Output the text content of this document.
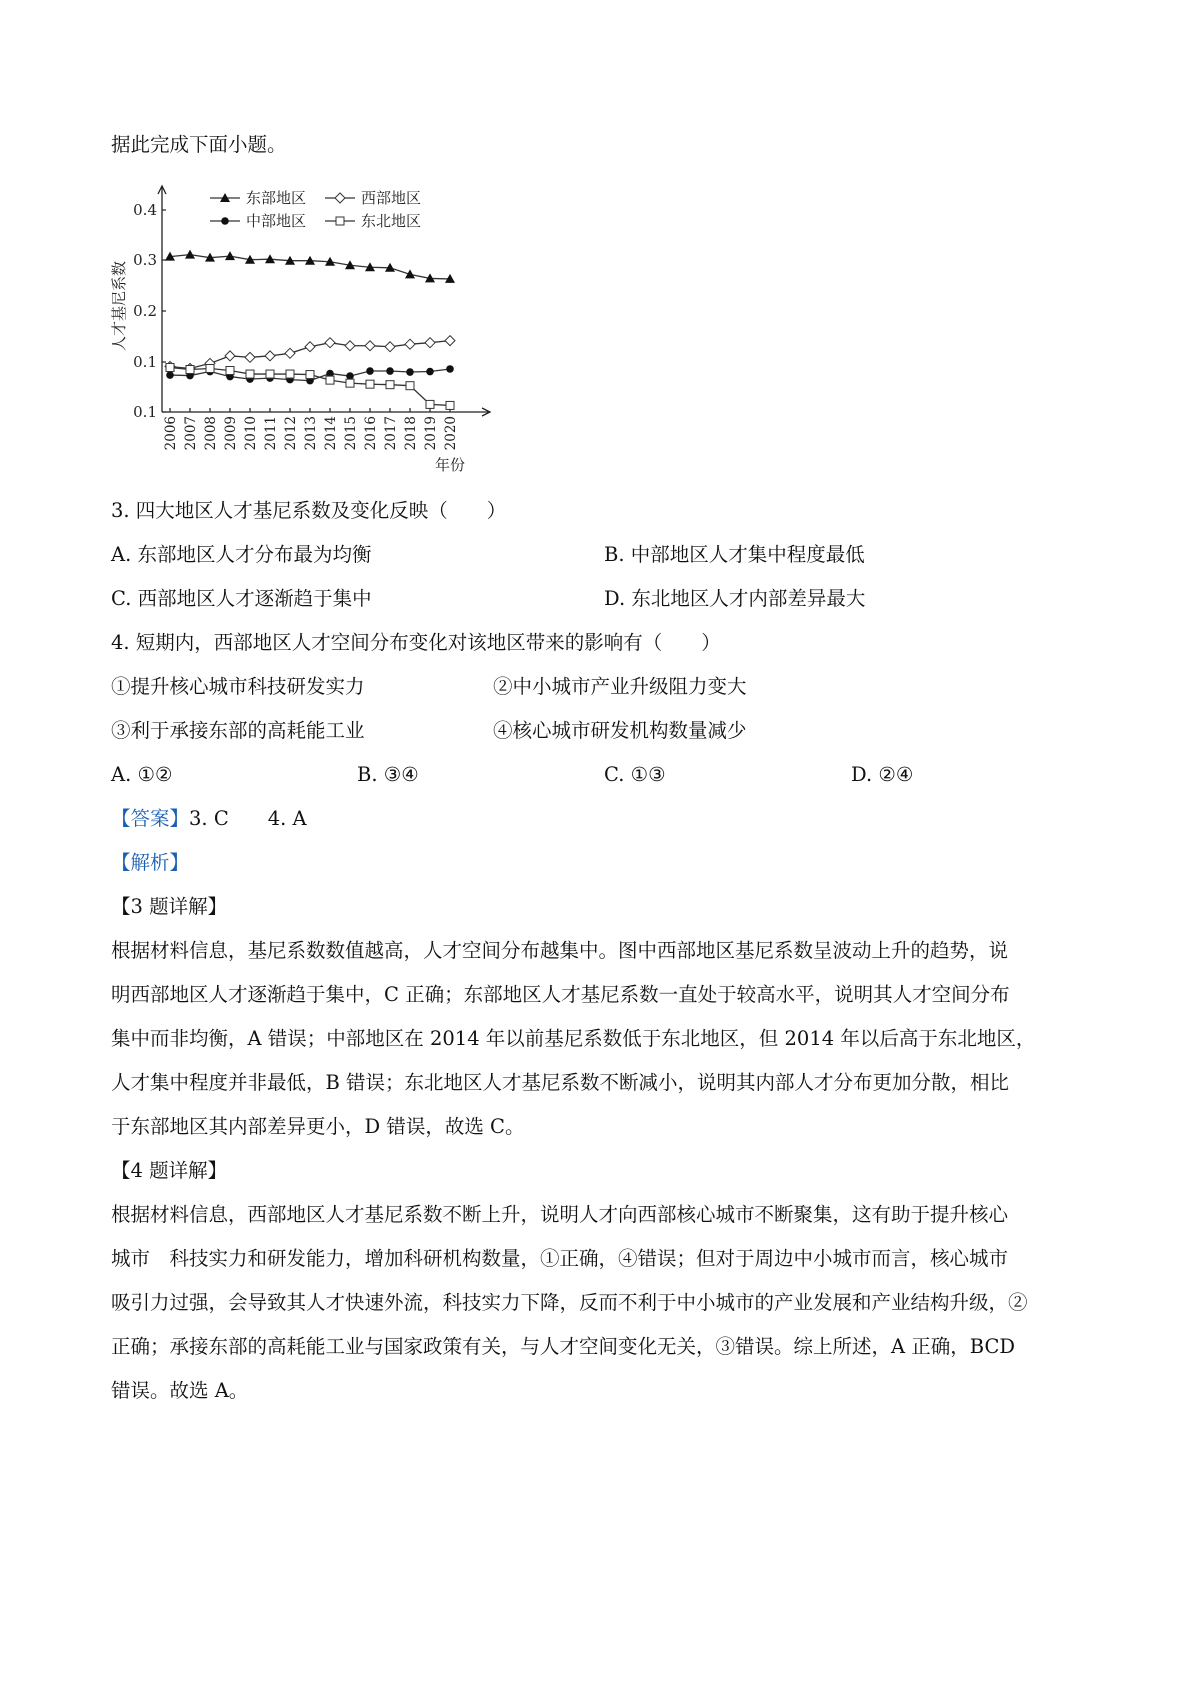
据此完成下面小题。
0.4
0.3
0.2
0.1
0.1
2006 2007 2008 2009 2010 2011 2012 2013 2014 2015 2016 2017 2018 2019 2020
东部地区	西部地区
中部地区	东北地区
人才基尼系数
年份
3. 四大地区人才基尼系数及变化反映（　　）
A. 东部地区人才分布最为均衡	B. 中部地区人才集中程度最低
C. 西部地区人才逐渐趋于集中	D. 东北地区人才内部差异最大
4. 短期内，西部地区人才空间分布变化对该地区带来的影响有（　　）
①提升核心城市科技研发实力	②中小城市产业升级阻力变大
③利于承接东部的高耗能工业	④核心城市研发机构数量减少
A. ①②	B. ③④	C. ①③	D. ②④
【答案】3. C　　4. A
【解析】
【3 题详解】
根据材料信息，基尼系数数值越高，人才空间分布越集中。图中西部地区基尼系数呈波动上升的趋势，说
明西部地区人才逐渐趋于集中，C 正确；东部地区人才基尼系数一直处于较高水平，说明其人才空间分布
集中而非均衡，A 错误；中部地区在 2014 年以前基尼系数低于东北地区，但 2014 年以后高于东北地区，
人才集中程度并非最低，B 错误；东北地区人才基尼系数不断减小，说明其内部人才分布更加分散，相比
于东部地区其内部差异更小，D 错误，故选 C。
【4 题详解】
根据材料信息，西部地区人才基尼系数不断上升，说明人才向西部核心城市不断聚集，这有助于提升核心
城市　科技实力和研发能力，增加科研机构数量，①正确，④错误；但对于周边中小城市而言，核心城市
吸引力过强，会导致其人才快速外流，科技实力下降，反而不利于中小城市的产业发展和产业结构升级，②
正确；承接东部的高耗能工业与国家政策有关，与人才空间变化无关，③错误。综上所述，A 正确，BCD
错误。故选 A。
